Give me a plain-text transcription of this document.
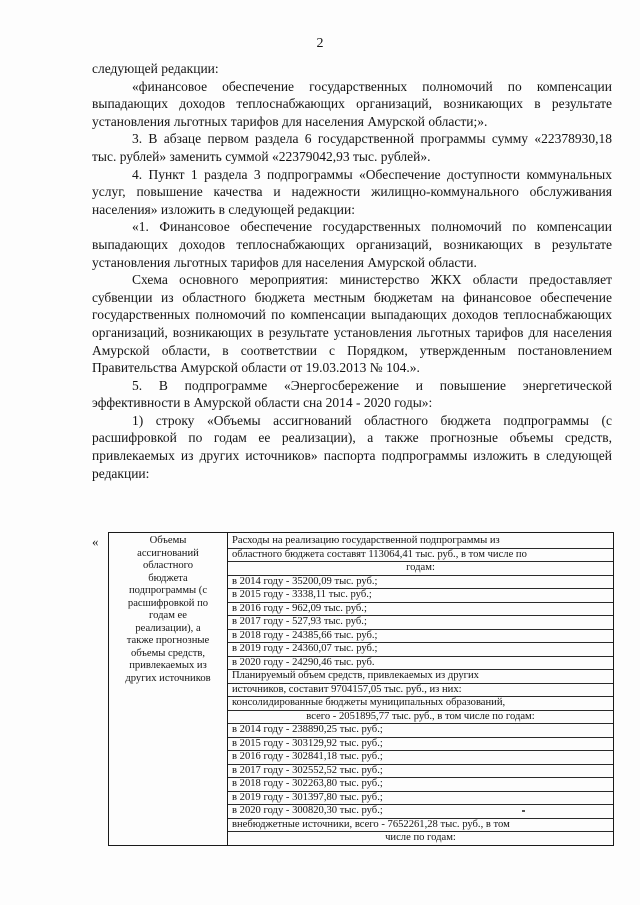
2

следующей редакции:

«финансовое обеспечение государственных полномочий по компенсации выпадающих доходов теплоснабжающих организаций, возникающих в результате установления льготных тарифов для населения Амурской области;».

3. В абзаце первом раздела 6 государственной программы сумму «22378930,18 тыс. рублей» заменить суммой «22379042,93 тыс. рублей».

4. Пункт 1 раздела 3 подпрограммы «Обеспечение доступности коммунальных услуг, повышение качества и надежности жилищно-коммунального обслуживания населения» изложить в следующей редакции:

«1. Финансовое обеспечение государственных полномочий по компенсации выпадающих доходов теплоснабжающих организаций, возникающих в результате установления льготных тарифов для населения Амурской области.

Схема основного мероприятия: министерство ЖКХ области предоставляет субвенции из областного бюджета местным бюджетам на финансовое обеспечение государственных полномочий по компенсации выпадающих доходов теплоснабжающих организаций, возникающих в результате установления льготных тарифов для населения Амурской области, в соответствии с Порядком, утвержденным постановлением Правительства Амурской области от 19.03.2013 № 104.».

5. В подпрограмме «Энергосбережение и повышение энергетической эффективности в Амурской области сна 2014 - 2020 годы»:

1) строку «Объемы ассигнований областного бюджета подпрограммы (с расшифровкой по годам ее реализации), а также прогнозные объемы средств, привлекаемых из других источников» паспорта подпрограммы изложить в следующей редакции:

«	Объемы
ассигнований
областного
бюджета
подпрограммы (с
расшифровкой по
годам ее
реализации), а
также прогнозные
объемы средств,
привлекаемых из
других источников

Расходы на реализацию государственной подпрограммы из
областного бюджета составят 113064,41 тыс. руб., в том числе по
годам:
в 2014 году - 35200,09 тыс. руб.;
в 2015 году - 3338,11 тыс. руб.;
в 2016 году - 962,09 тыс. руб.;
в 2017 году - 527,93 тыс. руб.;
в 2018 году - 24385,66 тыс. руб.;
в 2019 году - 24360,07 тыс. руб.;
в 2020 году - 24290,46 тыс. руб.
Планируемый объем средств, привлекаемых из других
источников, составит 9704157,05 тыс. руб., из них:
консолидированные бюджеты муниципальных образований,
всего - 2051895,77 тыс. руб., в том числе по годам:
в 2014 году - 238890,25 тыс. руб.;
в 2015 году - 303129,92 тыс. руб.;
в 2016 году - 302841,18 тыс. руб.;
в 2017 году - 302552,52 тыс. руб.;
в 2018 году - 302263,80 тыс. руб.;
в 2019 году - 301397,80 тыс. руб.;
в 2020 году - 300820,30 тыс. руб.;
внебюджетные источники, всего - 7652261,28 тыс. руб., в том
числе по годам:
